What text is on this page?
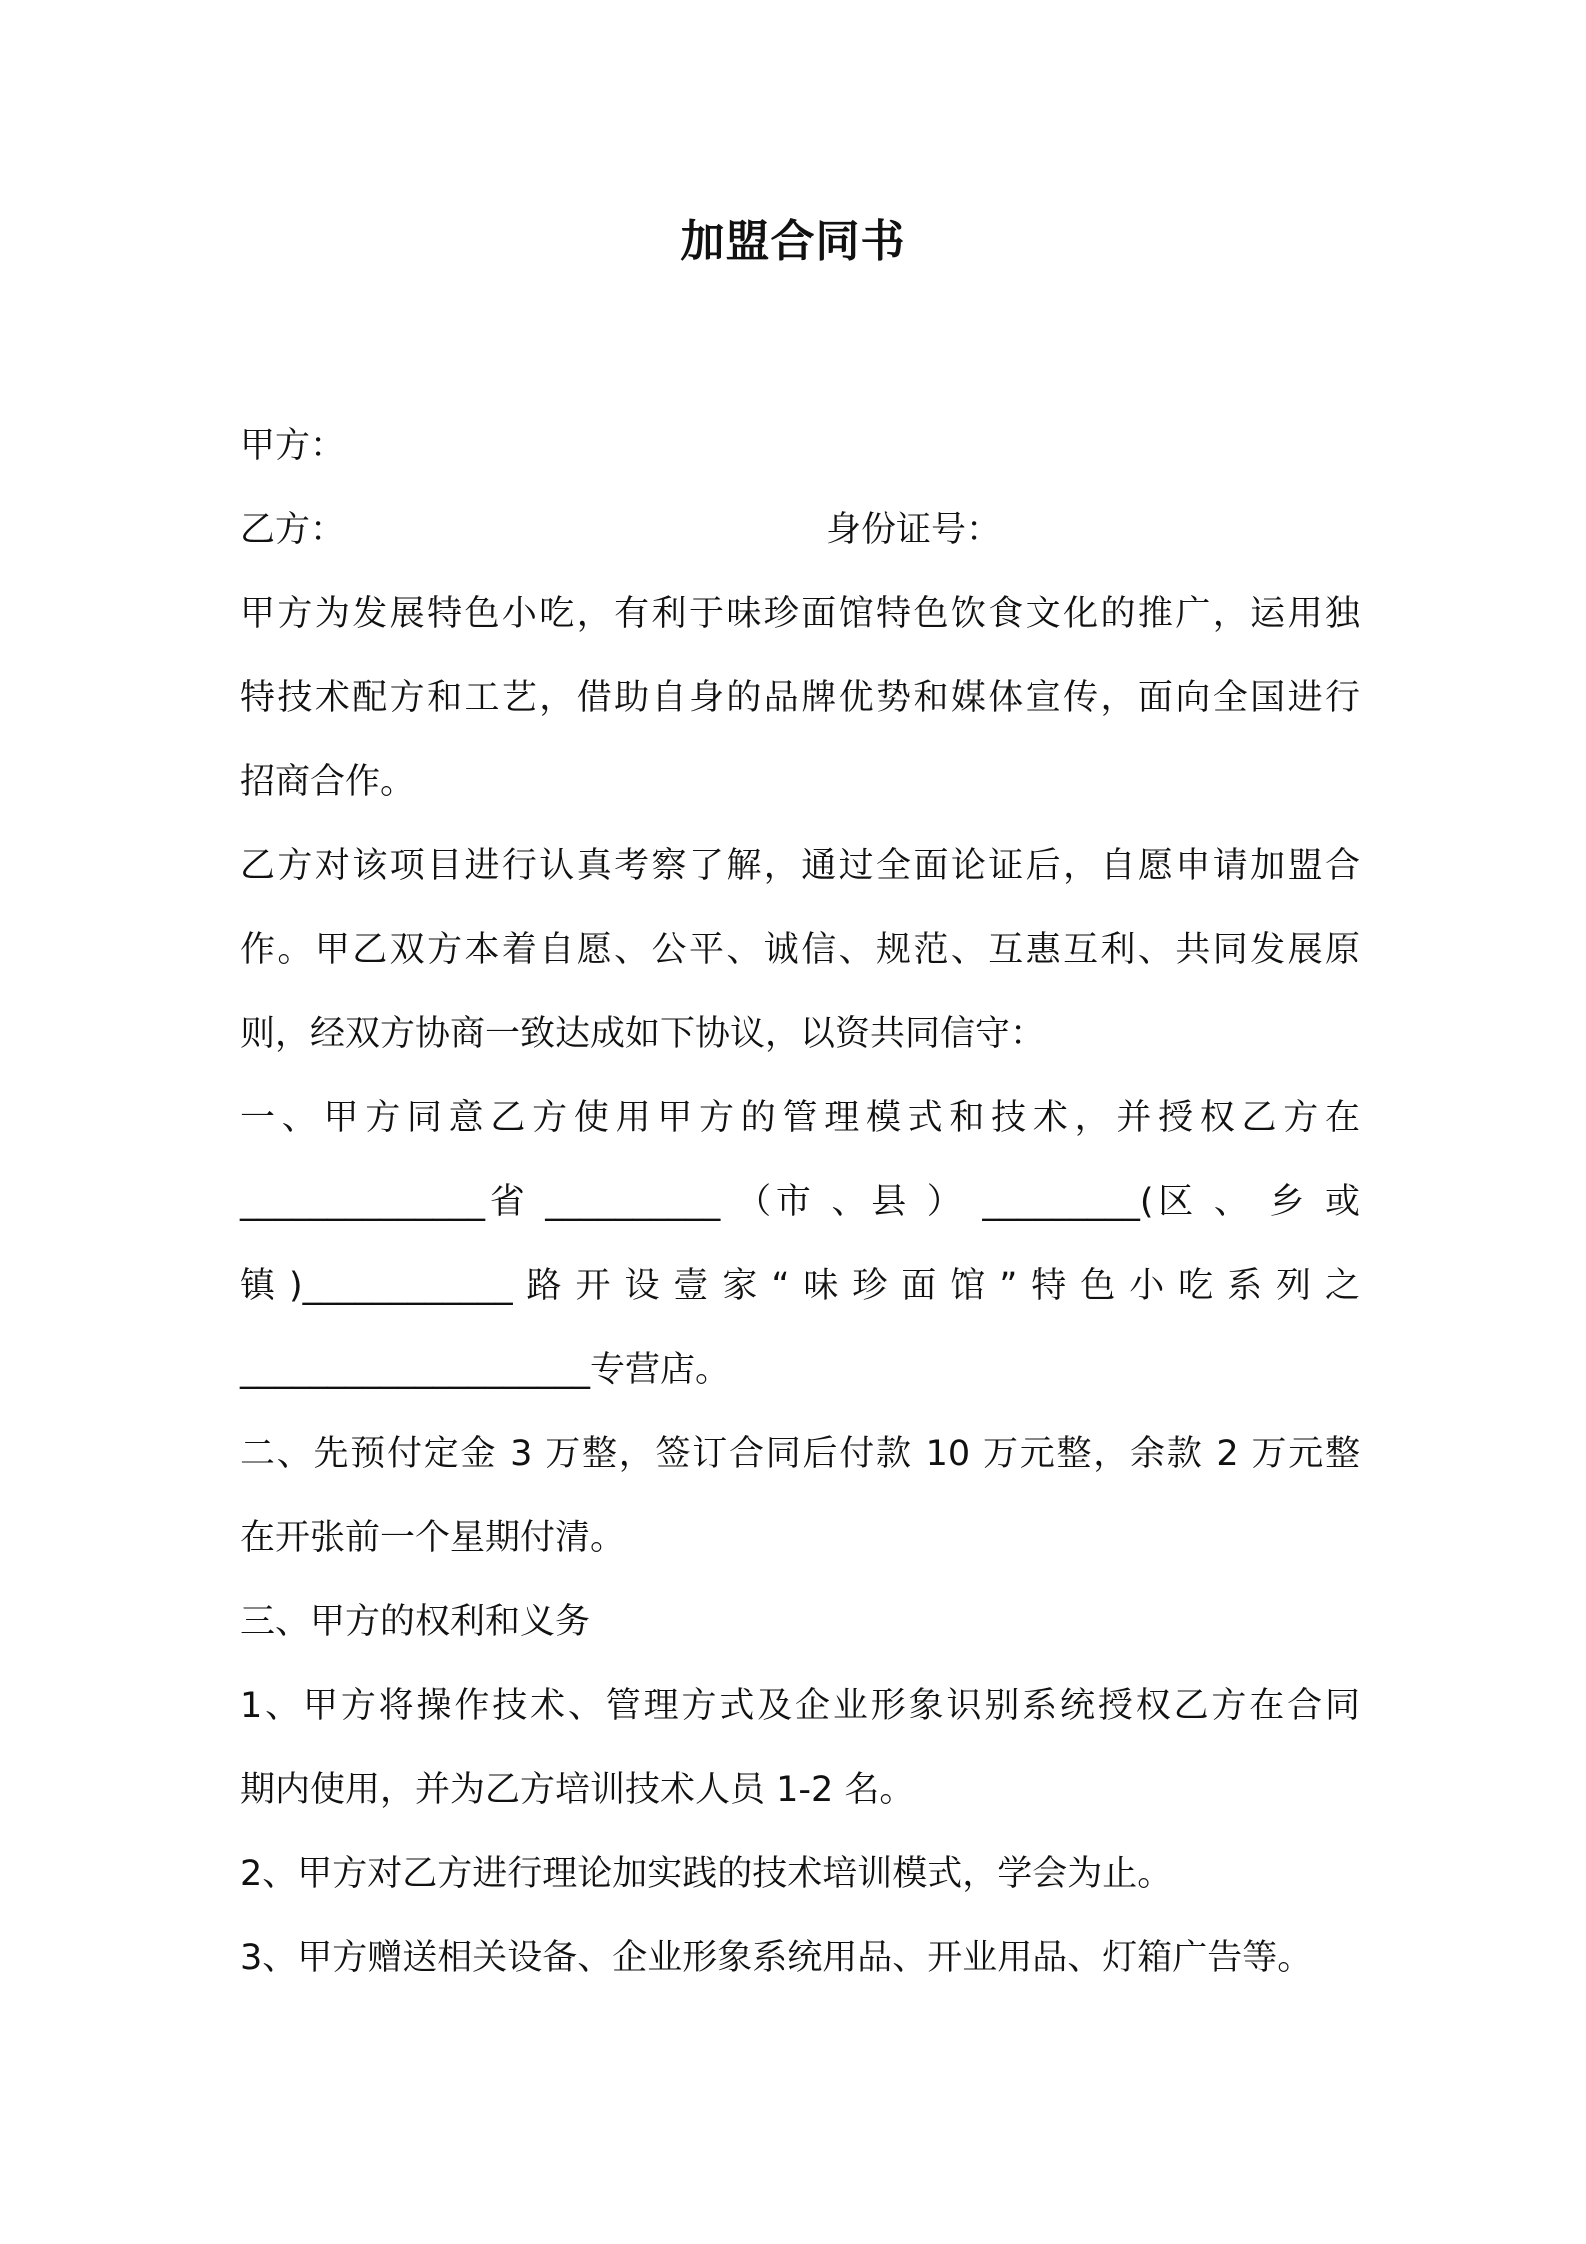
加盟合同书
甲方：
乙方：	身份证号：
甲方为发展特色小吃，有利于味珍面馆特色饮食文化的推广，运用独
特技术配方和工艺，借助自身的品牌优势和媒体宣传，面向全国进行
招商合作。
乙方对该项目进行认真考察了解，通过全面论证后，自愿申请加盟合
作。甲乙双方本着自愿、公平、诚信、规范、互惠互利、共同发展原
则，经双方协商一致达成如下协议，以资共同信守：
一、甲方同意乙方使用甲方的管理模式和技术，并授权乙方在
______________省 __________ （市 、县 ） _________(区 、 乡 或
镇)____________路开设壹家“味珍面馆”特色小吃系列之
____________________专营店。
二、先预付定金 3 万整，签订合同后付款 10 万元整，余款 2 万元整
在开张前一个星期付清。
三、甲方的权利和义务
1、甲方将操作技术、管理方式及企业形象识别系统授权乙方在合同
期内使用，并为乙方培训技术人员 1-2 名。
2、甲方对乙方进行理论加实践的技术培训模式，学会为止。
3、甲方赠送相关设备、企业形象系统用品、开业用品、灯箱广告等。
